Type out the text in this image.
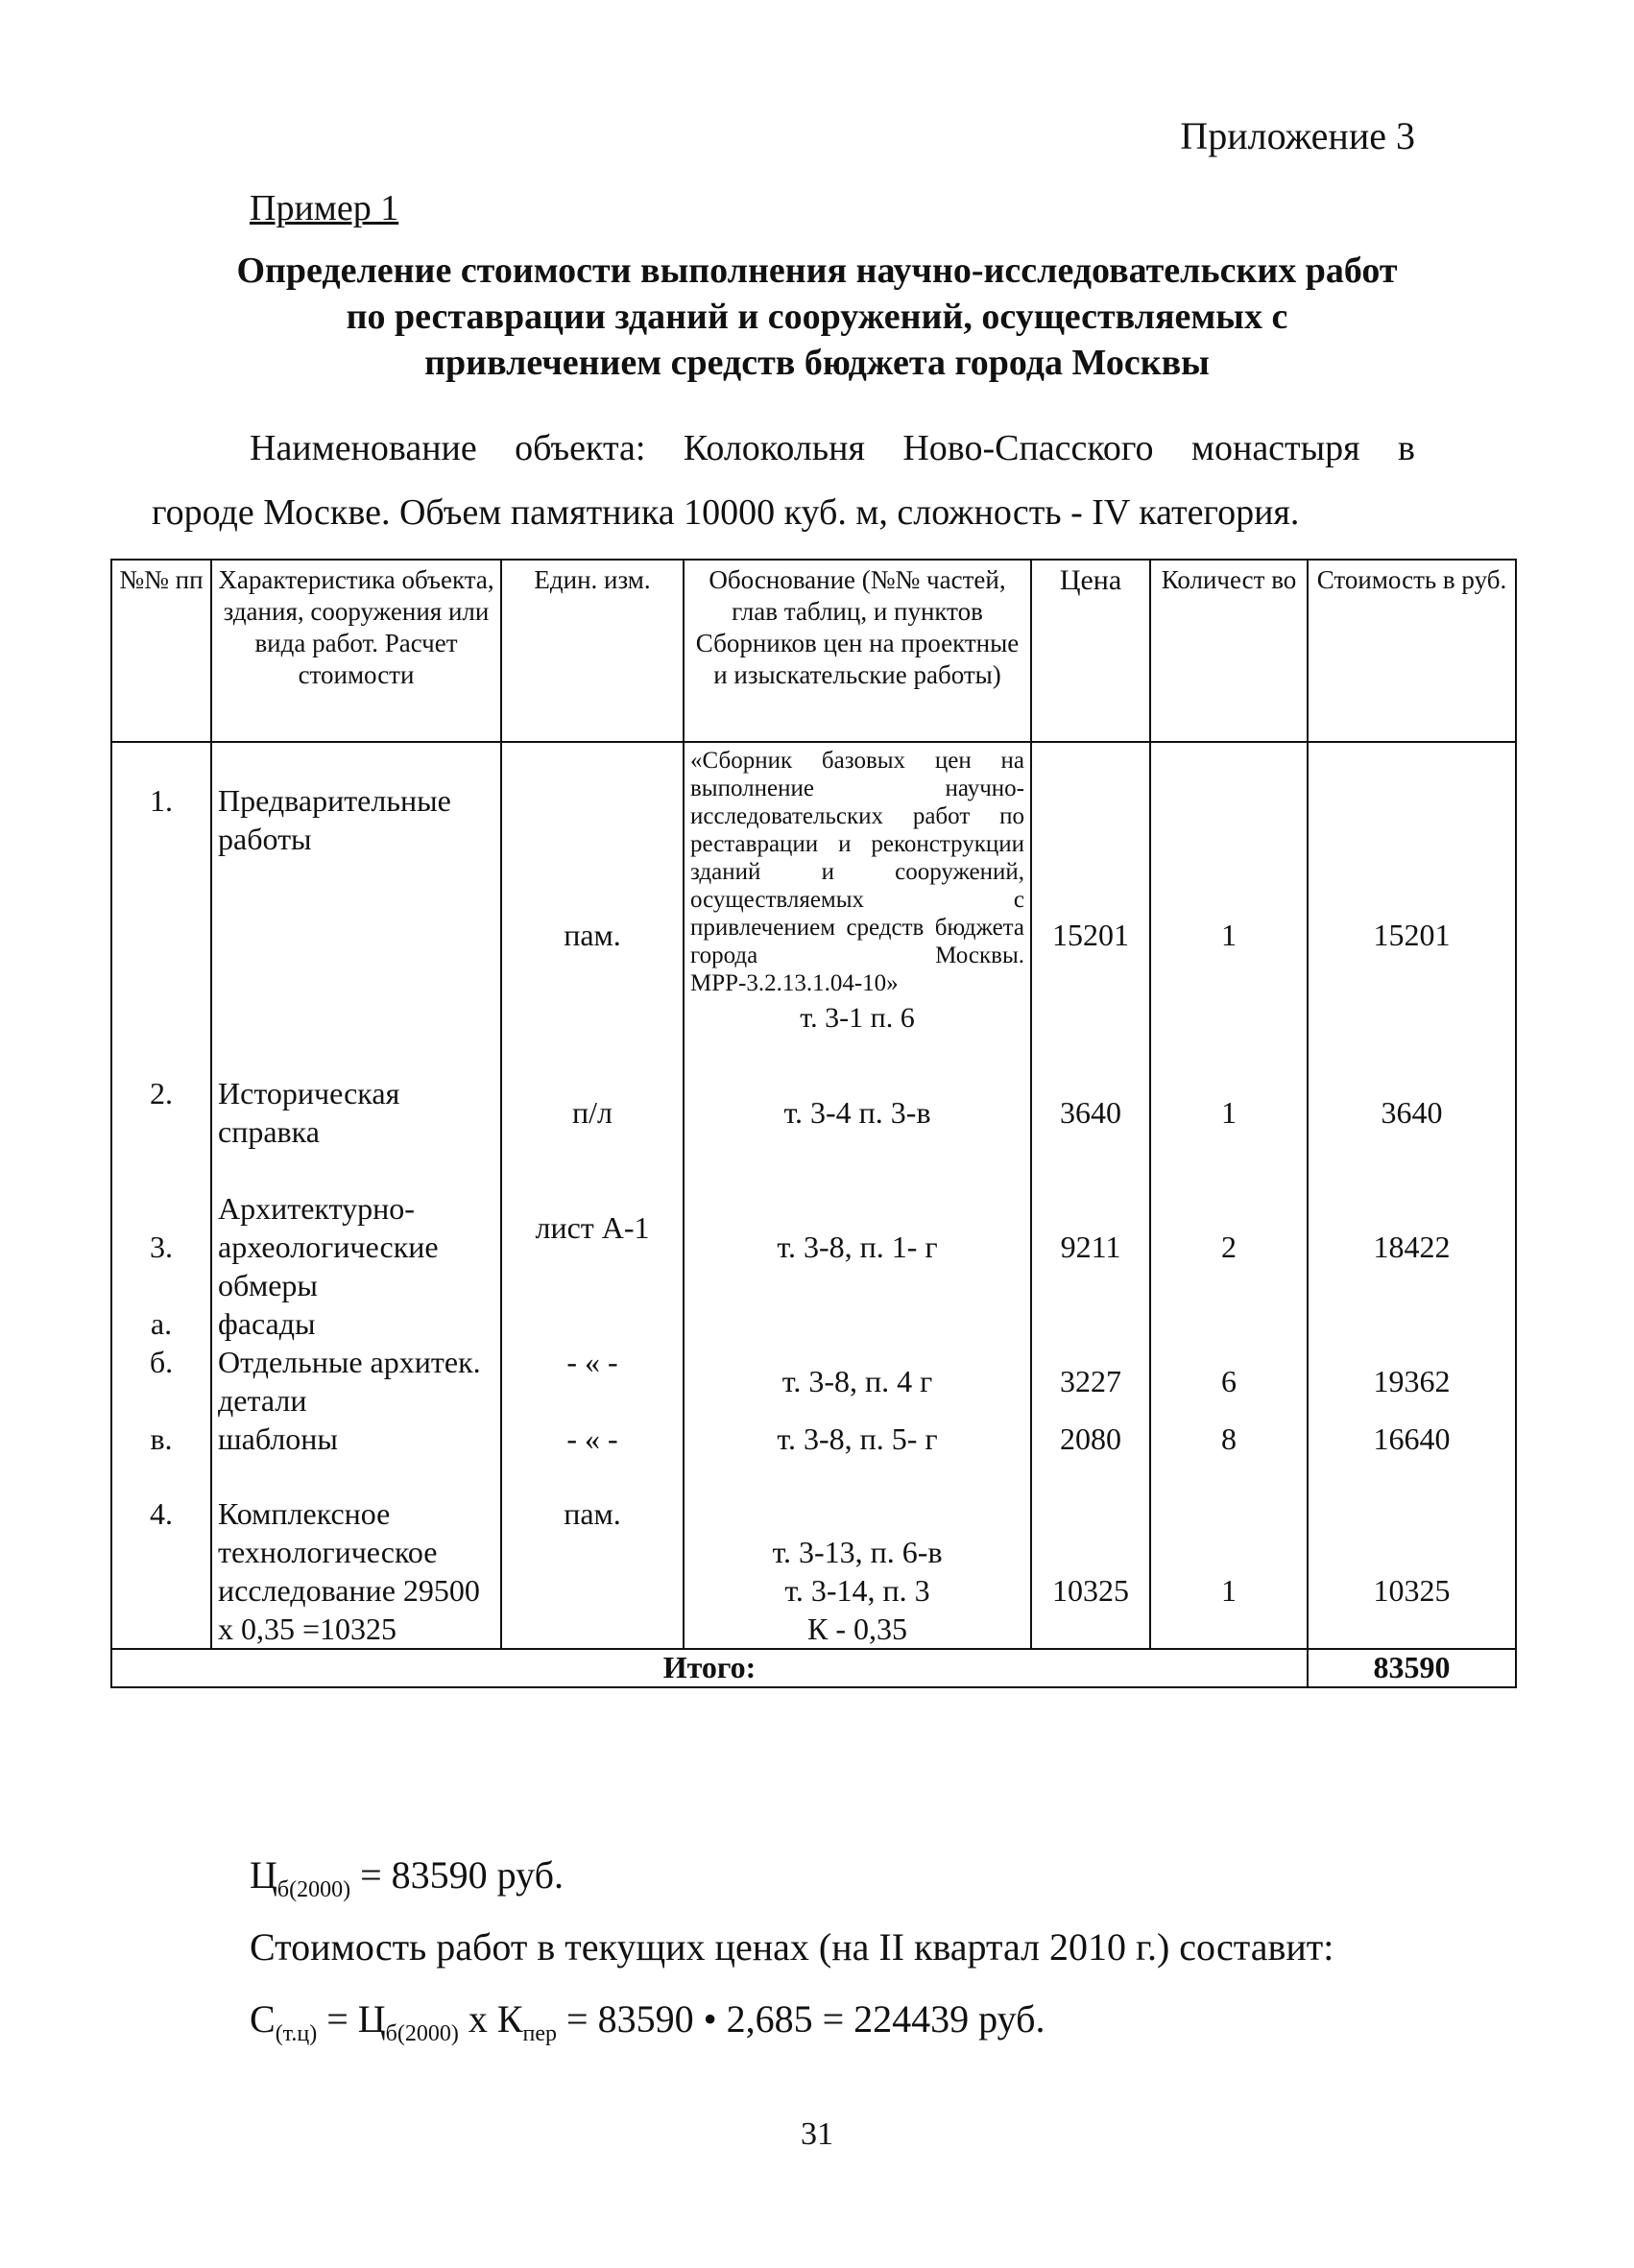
Приложение 3
Пример 1
Определение стоимости выполнения научно-исследовательских работ
по реставрации зданий и сооружений, осуществляемых с
привлечением средств бюджета города Москвы
Наименование объекта: Колокольня Ново-Спасского монастыря в
городе Москве. Объем памятника 10000 куб. м, сложность - IV категория.
№№ пп	Характеристика объекта, здания, сооружения или вида работ. Расчет стоимости	Един. изм.	Обоснование (№№ частей, глав таблиц, и пунктов Сборников цен на проектные и изыскательские работы)	Цена	Количест во	Стоимость в руб.
1.	Предварительные работы	пам.	«Сборник базовых цен на выполнение научно-исследовательских работ по реставрации и реконструкции зданий и сооружений, осуществляемых с привлечением средств бюджета города Москвы. МРР-3.2.13.1.04-10»
т. 3-1 п. 6	15201	1	15201
2.	Историческая справка	п/л	т. 3-4 п. 3-в	3640	1	3640
3.	Архитектурно-археологические обмеры	лист А-1	т. 3-8, п. 1- г	9211	2	18422
а.	фасады					
б.	Отдельные архитек. детали	- « -	т. 3-8, п. 4 г	3227	6	19362
в.	шаблоны	- « -	т. 3-8, п. 5- г	2080	8	16640
4.	Комплексное технологическое исследование 29500 х 0,35 =10325	пам.	т. 3-13, п. 6-в
т. 3-14, п. 3
К - 0,35	10325	1	10325
Итого:						83590
$Ц_{б(2000)} = 83590$ руб.
Стоимость работ в текущих ценах (на II квартал 2010 г.) составит:
$С_{(т.ц)} = Ц_{б(2000)}$ х $К_{пер} = 83590$ • 2,685 = 224439 руб.
31
